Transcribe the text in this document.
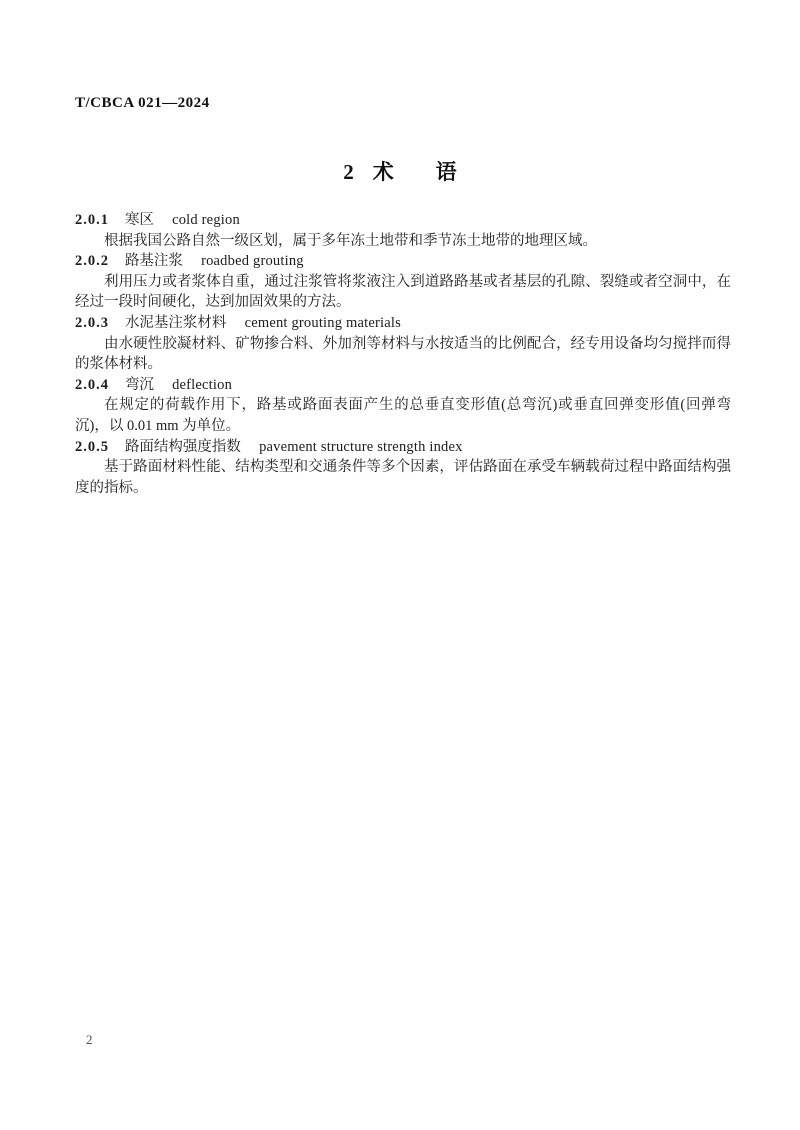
T/CBCA 021—2024
2 术　　语

2.0.1 寒区 cold region

根据我国公路自然一级区划，属于多年冻土地带和季节冻土地带的地理区域。

2.0.2 路基注浆 roadbed grouting

利用压力或者浆体自重，通过注浆管将浆液注入到道路路基或者基层的孔隙、裂缝或者空洞中，在经过一段时间硬化，达到加固效果的方法。

2.0.3 水泥基注浆材料 cement grouting materials

由水硬性胶凝材料、矿物掺合料、外加剂等材料与水按适当的比例配合，经专用设备均匀搅拌而得的浆体材料。

2.0.4 弯沉 deflection

在规定的荷载作用下，路基或路面表面产生的总垂直变形值(总弯沉)或垂直回弹变形值(回弹弯沉)，以 0.01 mm 为单位。

2.0.5 路面结构强度指数 pavement structure strength index

基于路面材料性能、结构类型和交通条件等多个因素，评估路面在承受车辆载荷过程中路面结构强度的指标。

2
